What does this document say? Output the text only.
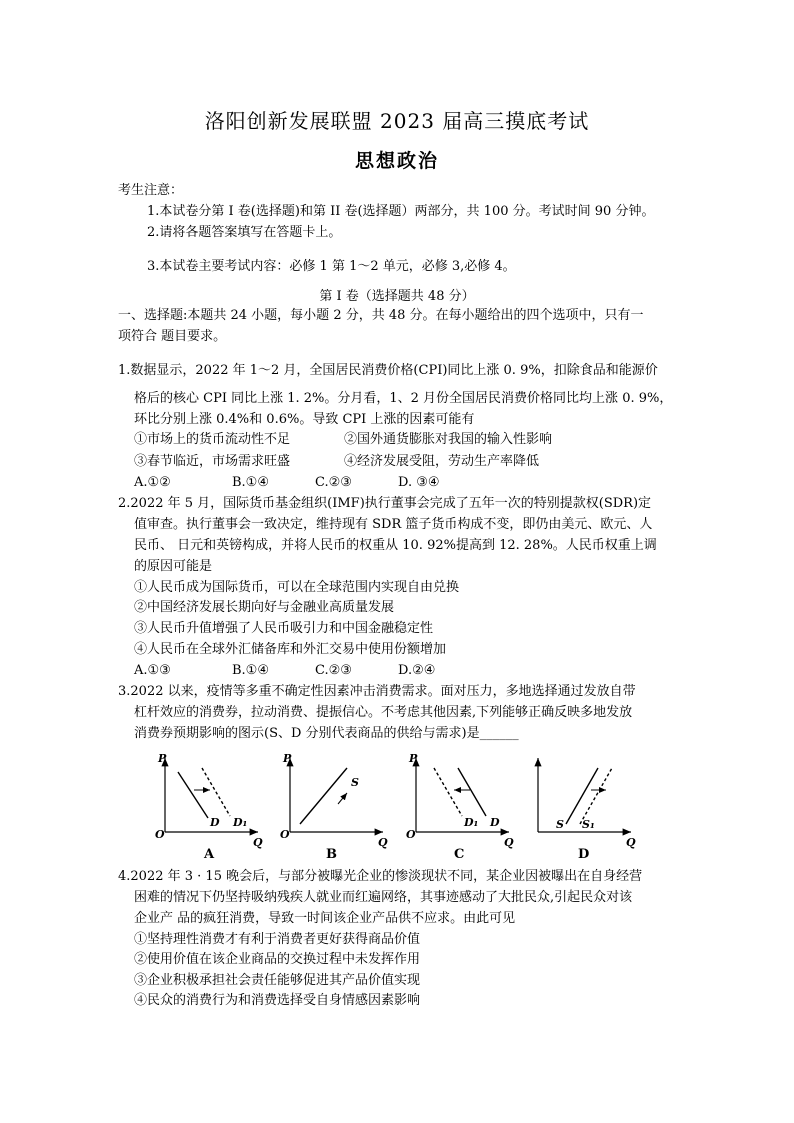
洛阳创新发展联盟 2023 届高三摸底考试
思想政治
考生注意：
1.本试卷分第 I 卷(选择题)和第 II 卷(选择题）两部分，共 100 分。考试时间 90 分钟。
2.请将各题答案填写在答题卡上。
3.本试卷主要考试内容：必修 1 第 1～2 单元，必修 3,必修 4。
第 I 卷（选择题共 48 分）
一、选择题:本题共 24 小题，每小题 2 分，共 48 分。在每小题给出的四个选项中，只有一
项符合 题目要求。
1.数据显示，2022 年 1～2 月，全国居民消费价格(CPI)同比上涨 0. 9%，扣除食品和能源价
格后的核心 CPI 同比上涨 1. 2%。分月看，1、2 月份全国居民消费价格同比均上涨 0. 9%，
环比分别上涨 0.4%和 0.6%。导致 CPI 上涨的因素可能有
①市场上的货币流动性不足	②国外通货膨胀对我国的输入性影响
③春节临近，市场需求旺盛	④经济发展受阻，劳动生产率降低
A.①②	B.①④	C.②③	D. ③④
2.2022 年 5 月，国际货币基金组织(IMF)执行董事会完成了五年一次的特别提款权(SDR)定
值审查。执行董事会一致决定，维持现有 SDR 篮子货币构成不变，即仍由美元、欧元、人
民币、 日元和英镑构成，并将人民币的权重从 10. 92%提高到 12. 28%。人民币权重上调
的原因可能是
①人民币成为国际货币，可以在全球范围内实现自由兑换
②中国经济发展长期向好与金融业高质量发展
③人民币升值增强了人民币吸引力和中国金融稳定性
④人民币在全球外汇储备库和外汇交易中使用份额增加
A.①③	B.①④	C.②③	D.②④
3.2022 以来，疫情等多重不确定性因素冲击消费需求。面对压力，多地选择通过发放自带
杠杆效应的消费券，拉动消费、提振信心。不考虑其他因素,下列能够正确反映多地发放
消费券预期影响的图示(S、D 分别代表商品的供给与需求)是______
P
Q
O
D D₁
A
P
Q
O
S
B
P
Q
O
D₁ D
C
Q
S S₁
D
4.2022 年 3 · 15 晚会后，与部分被曝光企业的惨淡现状不同，某企业因被曝出在自身经营
困难的情况下仍坚持吸纳残疾人就业而红遍网络，其事迹感动了大批民众,引起民众对该
企业产 品的疯狂消费，导致一时间该企业产品供不应求。由此可见
①坚持理性消费才有利于消费者更好获得商品价值
②使用价值在该企业商品的交换过程中未发挥作用
③企业积极承担社会责任能够促进其产品价值实现
④民众的消费行为和消费选择受自身情感因素影响
